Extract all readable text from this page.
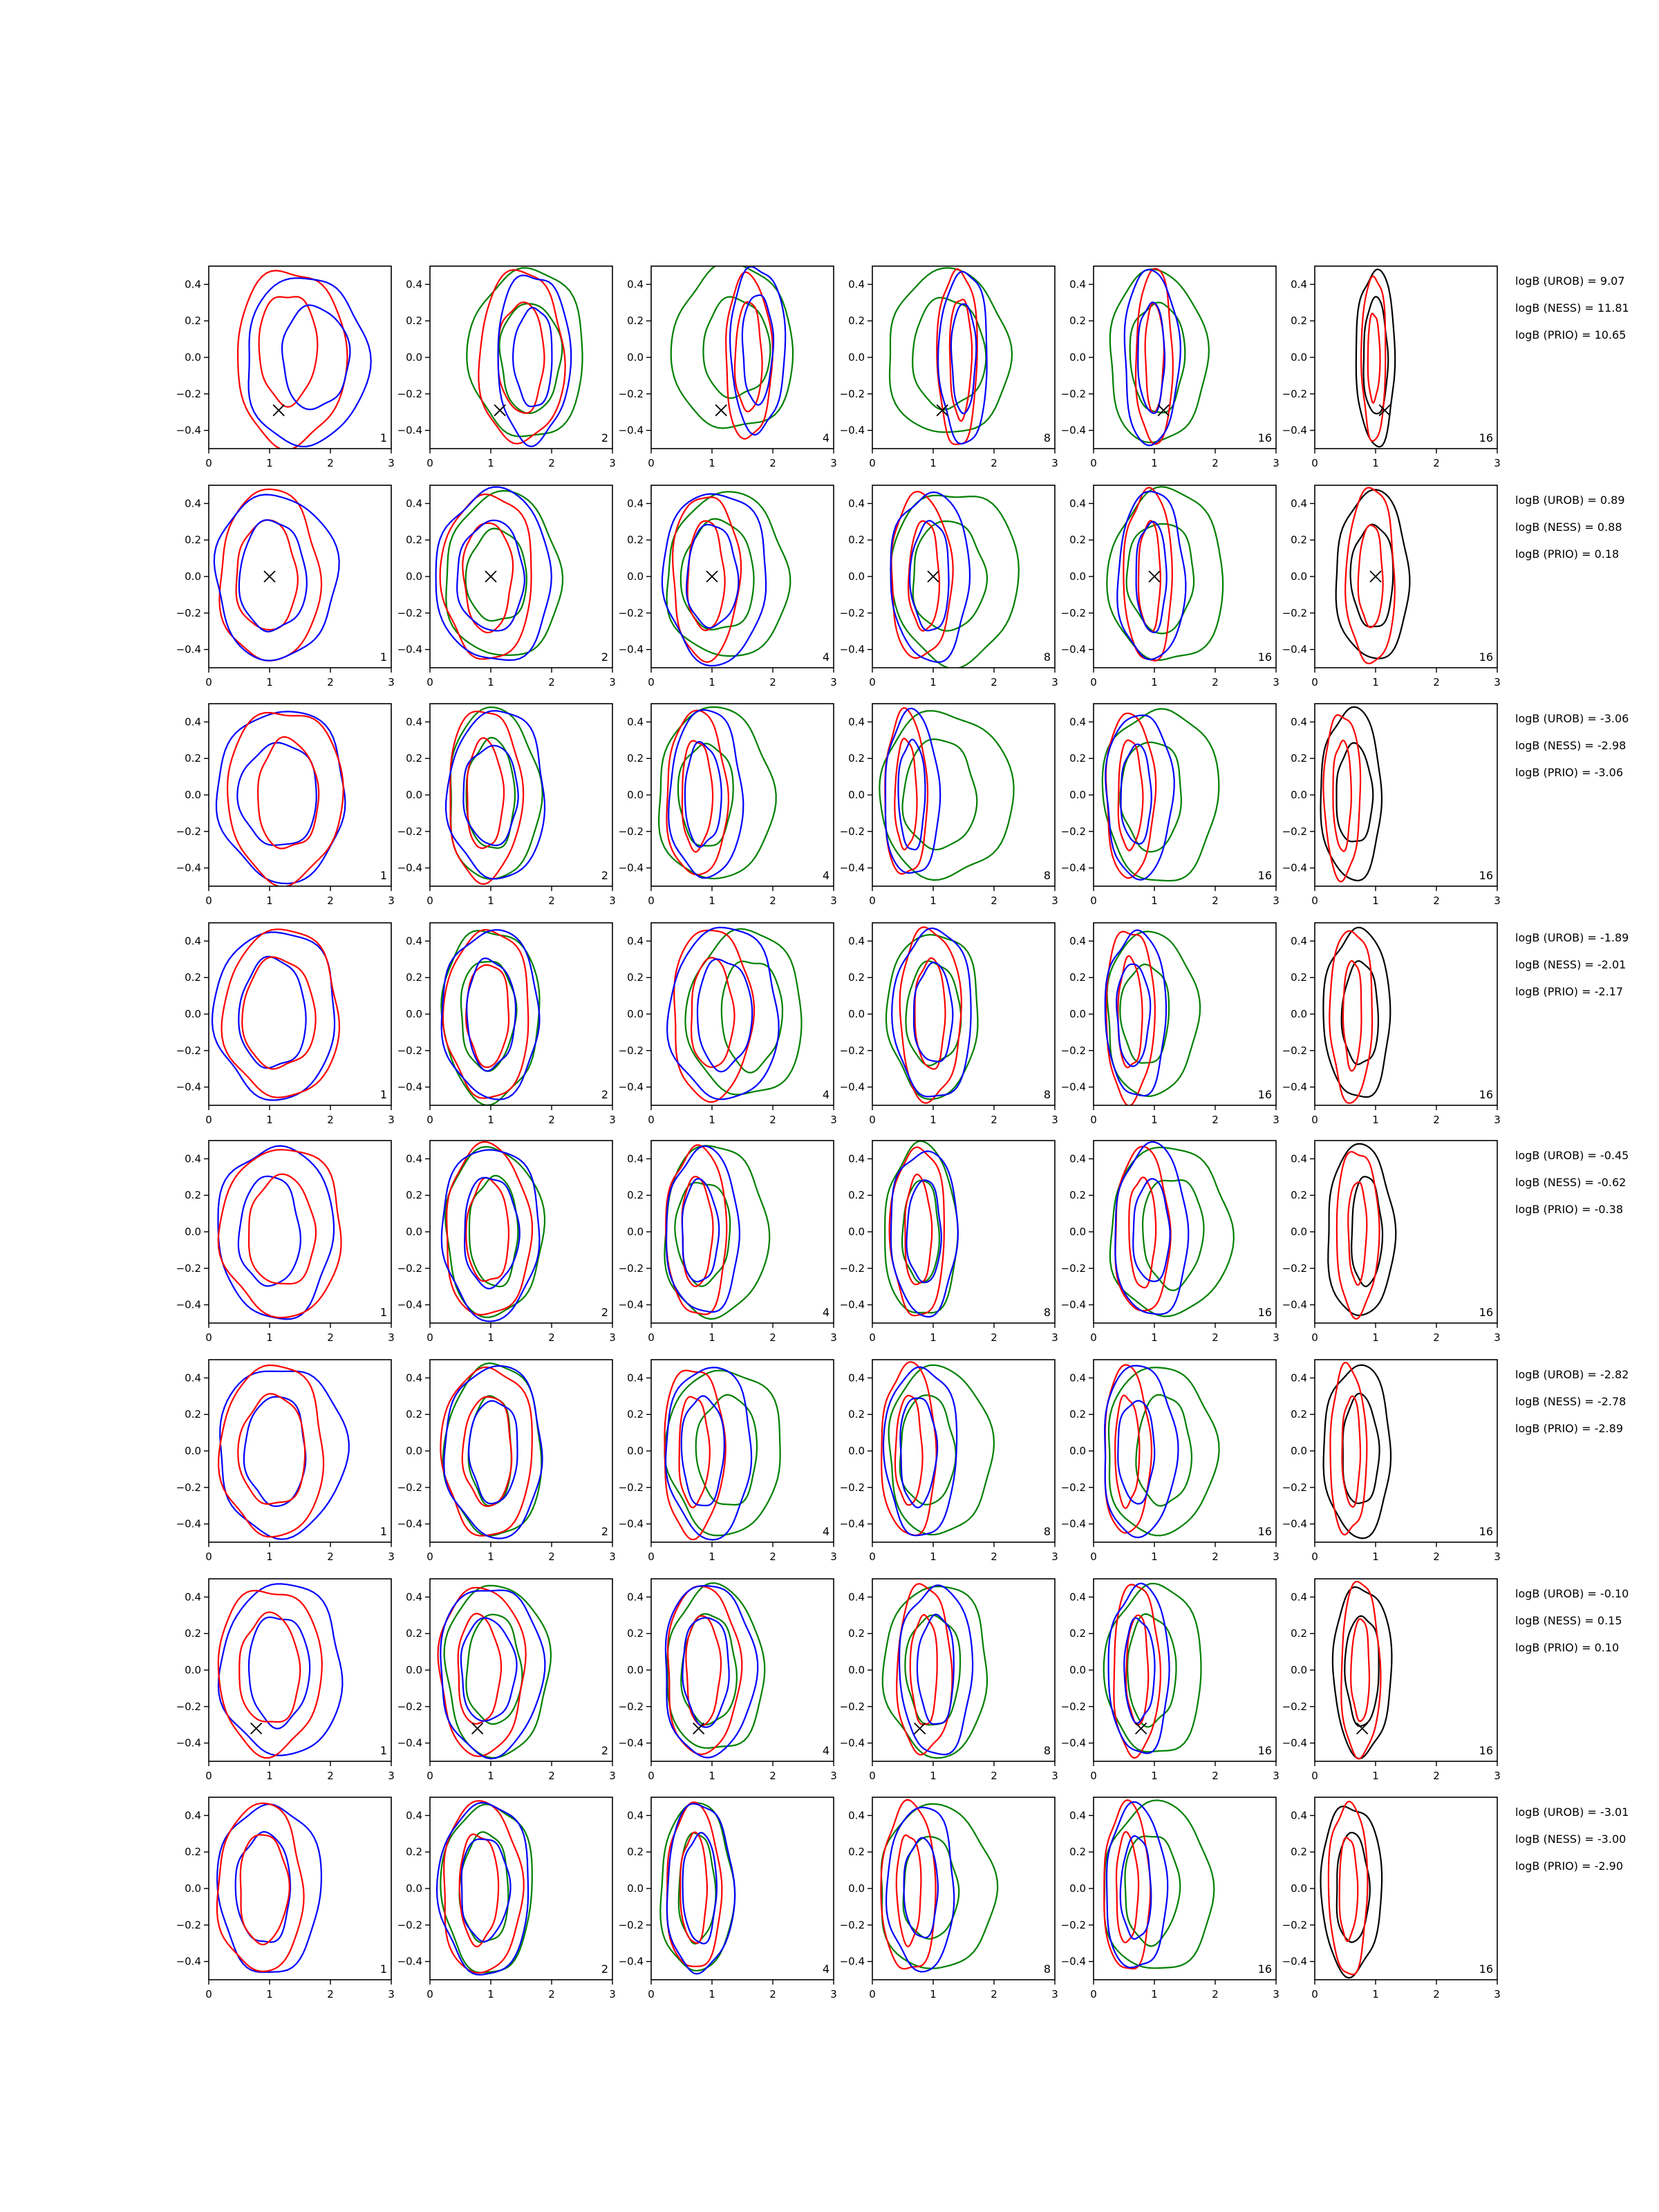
0	1	2	3
−0.4
−0.2
0.0
0.2
0.4
1
0	1	2	3
−0.4
−0.2
0.0
0.2
0.4
2
0	1	2	3
−0.4
−0.2
0.0
0.2
0.4
4
0	1	2	3
−0.4
−0.2
0.0
0.2
0.4
8
0	1	2	3
−0.4
−0.2
0.0
0.2
0.4
16
0	1	2	3
−0.4
−0.2
0.0
0.2
0.4
16
logB (UROB) = 9.07
logB (NESS) = 11.81
logB (PRIO) = 10.65
0	1	2	3
−0.4
−0.2
0.0
0.2
0.4
1
0	1	2	3
−0.4
−0.2
0.0
0.2
0.4
2
0	1	2	3
−0.4
−0.2
0.0
0.2
0.4
4
0	1	2	3
−0.4
−0.2
0.0
0.2
0.4
8
0	1	2	3
−0.4
−0.2
0.0
0.2
0.4
16
0	1	2	3
−0.4
−0.2
0.0
0.2
0.4
16
logB (UROB) = 0.89
logB (NESS) = 0.88
logB (PRIO) = 0.18
0	1	2	3
−0.4
−0.2
0.0
0.2
0.4
1
0	1	2	3
−0.4
−0.2
0.0
0.2
0.4
2
0	1	2	3
−0.4
−0.2
0.0
0.2
0.4
4
0	1	2	3
−0.4
−0.2
0.0
0.2
0.4
8
0	1	2	3
−0.4
−0.2
0.0
0.2
0.4
16
0	1	2	3
−0.4
−0.2
0.0
0.2
0.4
16
logB (UROB) = -3.06
logB (NESS) = -2.98
logB (PRIO) = -3.06
0	1	2	3
−0.4
−0.2
0.0
0.2
0.4
1
0	1	2	3
−0.4
−0.2
0.0
0.2
0.4
2
0	1	2	3
−0.4
−0.2
0.0
0.2
0.4
4
0	1	2	3
−0.4
−0.2
0.0
0.2
0.4
8
0	1	2	3
−0.4
−0.2
0.0
0.2
0.4
16
0	1	2	3
−0.4
−0.2
0.0
0.2
0.4
16
logB (UROB) = -1.89
logB (NESS) = -2.01
logB (PRIO) = -2.17
0	1	2	3
−0.4
−0.2
0.0
0.2
0.4
1
0	1	2	3
−0.4
−0.2
0.0
0.2
0.4
2
0	1	2	3
−0.4
−0.2
0.0
0.2
0.4
4
0	1	2	3
−0.4
−0.2
0.0
0.2
0.4
8
0	1	2	3
−0.4
−0.2
0.0
0.2
0.4
16
0	1	2	3
−0.4
−0.2
0.0
0.2
0.4
16
logB (UROB) = -0.45
logB (NESS) = -0.62
logB (PRIO) = -0.38
0	1	2	3
−0.4
−0.2
0.0
0.2
0.4
1
0	1	2	3
−0.4
−0.2
0.0
0.2
0.4
2
0	1	2	3
−0.4
−0.2
0.0
0.2
0.4
4
0	1	2	3
−0.4
−0.2
0.0
0.2
0.4
8
0	1	2	3
−0.4
−0.2
0.0
0.2
0.4
16
0	1	2	3
−0.4
−0.2
0.0
0.2
0.4
16
logB (UROB) = -2.82
logB (NESS) = -2.78
logB (PRIO) = -2.89
0	1	2	3
−0.4
−0.2
0.0
0.2
0.4
1
0	1	2	3
−0.4
−0.2
0.0
0.2
0.4
2
0	1	2	3
−0.4
−0.2
0.0
0.2
0.4
4
0	1	2	3
−0.4
−0.2
0.0
0.2
0.4
8
0	1	2	3
−0.4
−0.2
0.0
0.2
0.4
16
0	1	2	3
−0.4
−0.2
0.0
0.2
0.4
16
logB (UROB) = -0.10
logB (NESS) = 0.15
logB (PRIO) = 0.10
0	1	2	3
−0.4
−0.2
0.0
0.2
0.4
1
0	1	2	3
−0.4
−0.2
0.0
0.2
0.4
2
0	1	2	3
−0.4
−0.2
0.0
0.2
0.4
4
0	1	2	3
−0.4
−0.2
0.0
0.2
0.4
8
0	1	2	3
−0.4
−0.2
0.0
0.2
0.4
16
0	1	2	3
−0.4
−0.2
0.0
0.2
0.4
16
logB (UROB) = -3.01
logB (NESS) = -3.00
logB (PRIO) = -2.90
